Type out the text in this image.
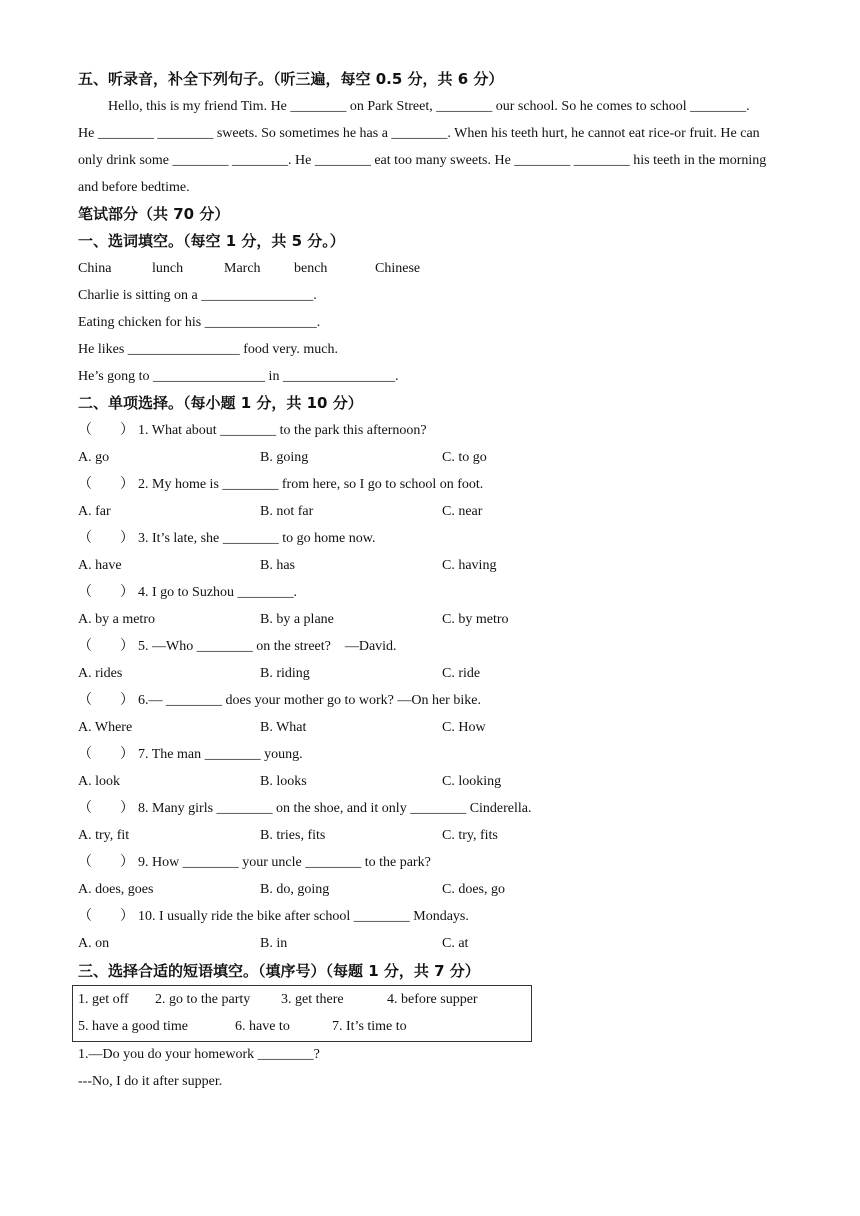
五、听录音，补全下列句子。（听三遍，每空 0.5 分，共 6 分）
Hello, this is my friend Tim. He ________ on Park Street, ________ our school. So he comes to school ________. He ________ ________ sweets. So sometimes he has a ________. When his teeth hurt, he cannot eat rice-or fruit. He can only drink some ________ ________. He ________ eat too many sweets. He ________ ________ his teeth in the morning and before bedtime.
笔试部分（共 70 分）
一、选词填空。（每空 1 分，共 5 分。）
China	lunch	March bench	Chinese
Charlie is sitting on a ________________.
Eating chicken for his ________________.
He likes ________________ food very. much.
He’s gong to ________________ in ________________.
二、单项选择。（每小题 1 分，共 10 分）
（　　） 1. What about ________ to the park this afternoon?
A. go	B. going	C. to go
（　　） 2. My home is ________ from here, so I go to school on foot.
A. far	B. not far	C. near
（　　） 3. It’s late, she ________ to go home now.
A. have	B. has	C. having
（　　） 4. I go to Suzhou ________.
A. by a metro	B. by a plane	C. by metro
（　　） 5. —Who ________ on the street?　—David.
A. rides	B. riding	C. ride
（　　） 6.— ________ does your mother go to work? —On her bike.
A. Where	B. What	C. How
（　　） 7. The man ________ young.
A. look	B. looks	C. looking
（　　） 8. Many girls ________ on the shoe, and it only ________ Cinderella.
A. try, fit	B. tries, fits	C. try, fits
（　　） 9. How ________ your uncle ________ to the park?
A. does, goes	B. do, going	C. does, go
（　　） 10. I usually ride the bike after school ________ Mondays.
A. on	B. in	C. at
三、选择合适的短语填空。（填序号）（每题 1 分，共 7 分）
1. get off 2. go to the party 3. get there	4. before supper
5. have a good time	6. have to	7. It’s time to
1.—Do you do your homework ________?
---No, I do it after supper.
